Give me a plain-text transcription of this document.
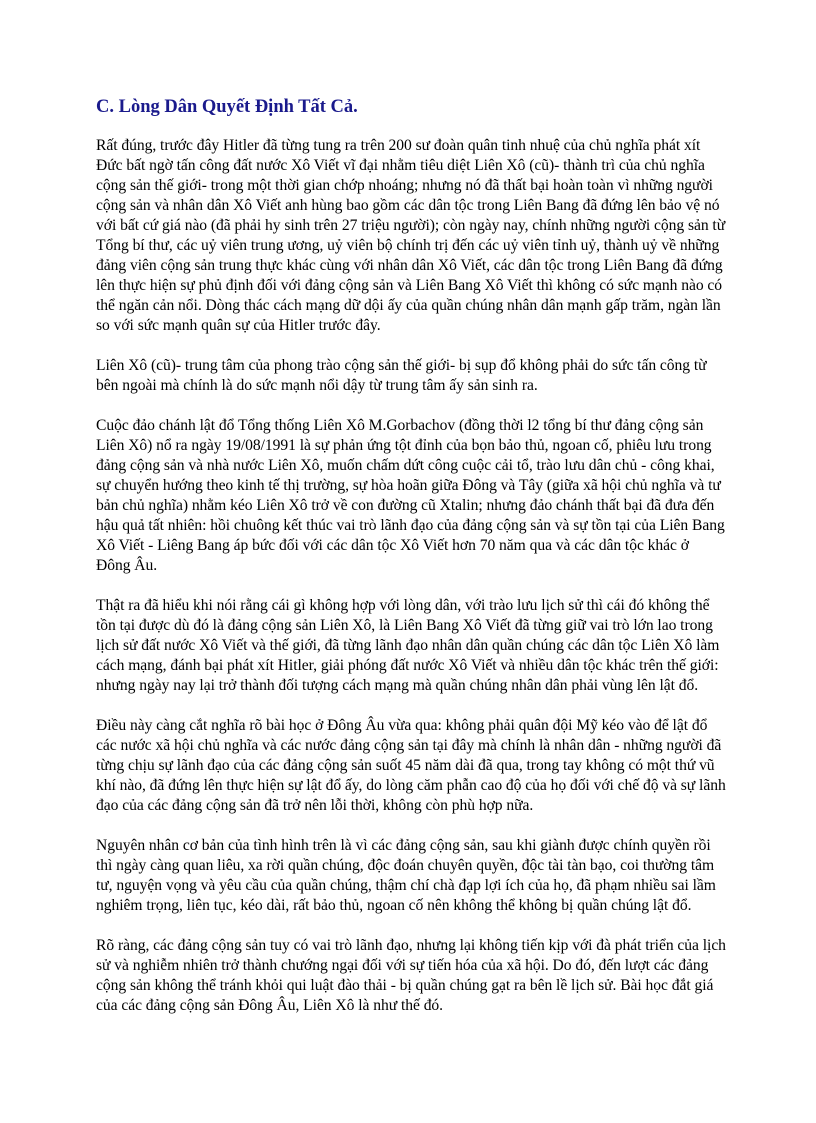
C. Lòng Dân Quyết Định Tất Cả.

Rất đúng, trước đây Hitler đã từng tung ra trên 200 sư đoàn quân tinh nhuệ của chủ nghĩa phát xít Đức bất ngờ tấn công đất nước Xô Viết vĩ đại nhằm tiêu diệt Liên Xô (cũ)- thành trì của chủ nghĩa cộng sản thế giới- trong một thời gian chớp nhoáng; nhưng nó đã thất bại hoàn toàn vì những người cộng sản và nhân dân Xô Viết anh hùng bao gồm các dân tộc trong Liên Bang đã đứng lên bảo vệ nó với bất cứ giá nào (đã phải hy sinh trên 27 triệu người); còn ngày nay, chính những người cộng sản từ Tổng bí thư, các uỷ viên trung ương, uỷ viên bộ chính trị đến các uỷ viên tỉnh uỷ, thành uỷ về những đảng viên cộng sản trung thực khác cùng với nhân dân Xô Viết, các dân tộc trong Liên Bang đã đứng lên thực hiện sự phủ định đối với đảng cộng sản và Liên Bang Xô Viết thì không có sức mạnh nào có thể ngăn cản nổi. Dòng thác cách mạng dữ dội ấy của quần chúng nhân dân mạnh gấp trăm, ngàn lần so với sức mạnh quân sự của Hitler trước đây.

Liên Xô (cũ)- trung tâm của phong trào cộng sản thế giới- bị sụp đổ không phải do sức tấn công từ bên ngoài mà chính là do sức mạnh nổi dậy từ trung tâm ấy sản sinh ra.

Cuộc đảo chánh lật đổ Tổng thống Liên Xô M.Gorbachov (đồng thời l2 tổng bí thư đảng cộng sản Liên Xô) nổ ra ngày 19/08/1991 là sự phản ứng tột đỉnh của bọn bảo thủ, ngoan cố, phiêu lưu trong đảng cộng sản và nhà nước Liên Xô, muốn chấm dứt công cuộc cải tổ, trào lưu dân chủ - công khai, sự chuyển hướng theo kinh tế thị trường, sự hòa hoãn giữa Đông và Tây (giữa xã hội chủ nghĩa và tư bản chủ nghĩa) nhằm kéo Liên Xô trở về con đường cũ Xtalin; nhưng đảo chánh thất bại đã đưa đến hậu quả tất nhiên: hồi chuông kết thúc vai trò lãnh đạo của đảng cộng sản và sự tồn tại của Liên Bang Xô Viết - Liêng Bang áp bức đối với các dân tộc Xô Viết hơn 70 năm qua và các dân tộc khác ở Đông Âu.

Thật ra đã hiểu khi nói rằng cái gì không hợp với lòng dân, với trào lưu lịch sử thì cái đó không thể tồn tại được dù đó là đảng cộng sản Liên Xô, là Liên Bang Xô Viết đã từng giữ vai trò lớn lao trong lịch sử đất nước Xô Viết và thế giới, đã từng lãnh đạo nhân dân quần chúng các dân tộc Liên Xô làm cách mạng, đánh bại phát xít Hitler, giải phóng đất nước Xô Viết và nhiều dân tộc khác trên thế giới: nhưng ngày nay lại trở thành đối tượng cách mạng mà quần chúng nhân dân phải vùng lên lật đổ.

Điều này càng cắt nghĩa rõ bài học ở Đông Âu vừa qua: không phải quân đội Mỹ kéo vào để lật đổ các nước xã hội chủ nghĩa và các nước đảng cộng sản tại đây mà chính là nhân dân - những người đã từng chịu sự lãnh đạo của các đảng cộng sản suốt 45 năm dài đã qua, trong tay không có một thứ vũ khí nào, đã đứng lên thực hiện sự lật đổ ấy, do lòng căm phẫn cao độ của họ đối với chế độ và sự lãnh đạo của các đảng cộng sản đã trở nên lỗi thời, không còn phù hợp nữa.

Nguyên nhân cơ bản của tình hình trên là vì các đảng cộng sản, sau khi giành được chính quyền rồi thì ngày càng quan liêu, xa rời quần chúng, độc đoán chuyên quyền, độc tài tàn bạo, coi thường tâm tư, nguyện vọng và yêu cầu của quần chúng, thậm chí chà đạp lợi ích của họ, đã phạm nhiều sai lầm nghiêm trọng, liên tục, kéo dài, rất bảo thủ, ngoan cố nên không thể không bị quần chúng lật đổ.

Rõ ràng, các đảng cộng sản tuy có vai trò lãnh đạo, nhưng lại không tiến kịp với đà phát triển của lịch sử và nghiễm nhiên trở thành chướng ngại đối với sự tiến hóa của xã hội. Do đó, đến lượt các đảng cộng sản không thể tránh khỏi qui luật đào thải - bị quần chúng gạt ra bên lề lịch sử. Bài học đắt giá của các đảng cộng sản Đông Âu, Liên Xô là như thế đó.
